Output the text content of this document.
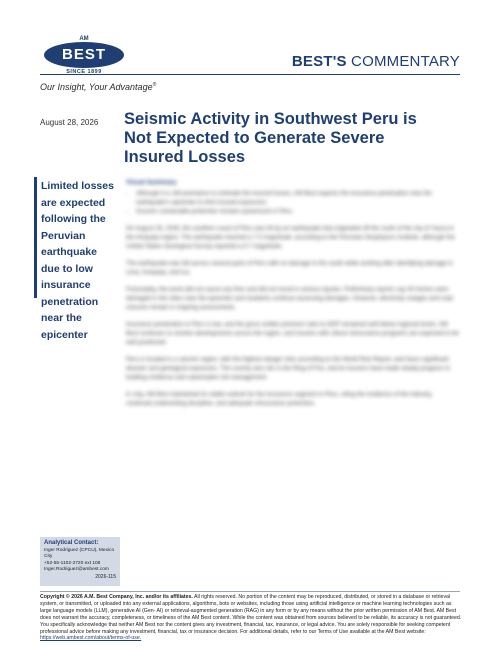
AM
BEST
SINCE 1899
BEST'S COMMENTARY
Our Insight, Your Advantage®
August 28, 2026 Seismic Activity in Southwest Peru is Not Expected to Generate Severe Insured Losses

Limited losses are expected following the Peruvian earthquake due to low insurance penetration near the epicenter

Visual Summary
• Although it is still premature to estimate the insured losses, AM Best expects the insurance penetration near the earthquake's epicenter to limit insured exposures.
• Insurers sustainable protection remains paramount in Peru.

On August 28, 2026, the southern coast of Peru was hit by an earthquake that originated off the south of the city of Yauca in the Arequipa region. The earthquake reached a 7.0 magnitude, according to the Peruvian Geophysics Institute, although the United States Geological Survey reported a 6.7 magnitude.

The earthquake was felt across several parts of Peru with no damage in the south while working after identifying damage in Lima, Arequipa, and Ica.

Fortunately, the event did not cause any fires and did not result in serious injuries. Preliminary reports say 40 homes were damaged in the cities near the epicenter and residents continue assessing damages. However, electricity outages and road closures remain in ongoing assessments.

Insurance penetration in Peru is low, and the gross written premium ratio to GDP remained well below regional levels. AM Best continues to monitor developments across the region, and insurers with robust reinsurance programs are expected to be well positioned.

Peru is located in a seismic region, with the highest danger risks according to the World Risk Report, and faces significant disaster and geological exposures. The country also sits in the Ring of Fire, and its insurers have made steady progress in building resilience and catastrophe risk management.

In July, AM Best maintained its stable outlook for the insurance segment in Peru, citing the resilience of the industry, continued underwriting discipline, and adequate reinsurance protection.

Analytical Contact:
Inger Rodriguez (CPCU), Mexico City
+52-55-1102-2720 ext 108
Inger.Rodriguez@ambest.com
2026-115

Copyright © 2026 A.M. Best Company, Inc. and/or its affiliates. All rights reserved. No portion of the content may be reproduced, distributed, or stored in a database or retrieval system, or transmitted, or uploaded into any external applications, algorithms, bots or websites, including those using artificial intelligence or machine learning technologies such as large language models (LLM), generative AI (Gen- AI) or retrieval-augmented generation (RAG) in any form or by any means without the prior written permission of AM Best. AM Best does not warrant the accuracy, completeness, or timeliness of the AM Best content. While the content was obtained from sources believed to be reliable, its accuracy is not guaranteed. You specifically acknowledge that neither AM Best nor the content gives any investment, financial, tax, insurance, or legal advice. You are solely responsible for seeking competent professional advice before making any investment, financial, tax or insurance decision. For additional details, refer to our Terms of Use available at the AM Best website: https://web.ambest.com/about/terms-of-use.
